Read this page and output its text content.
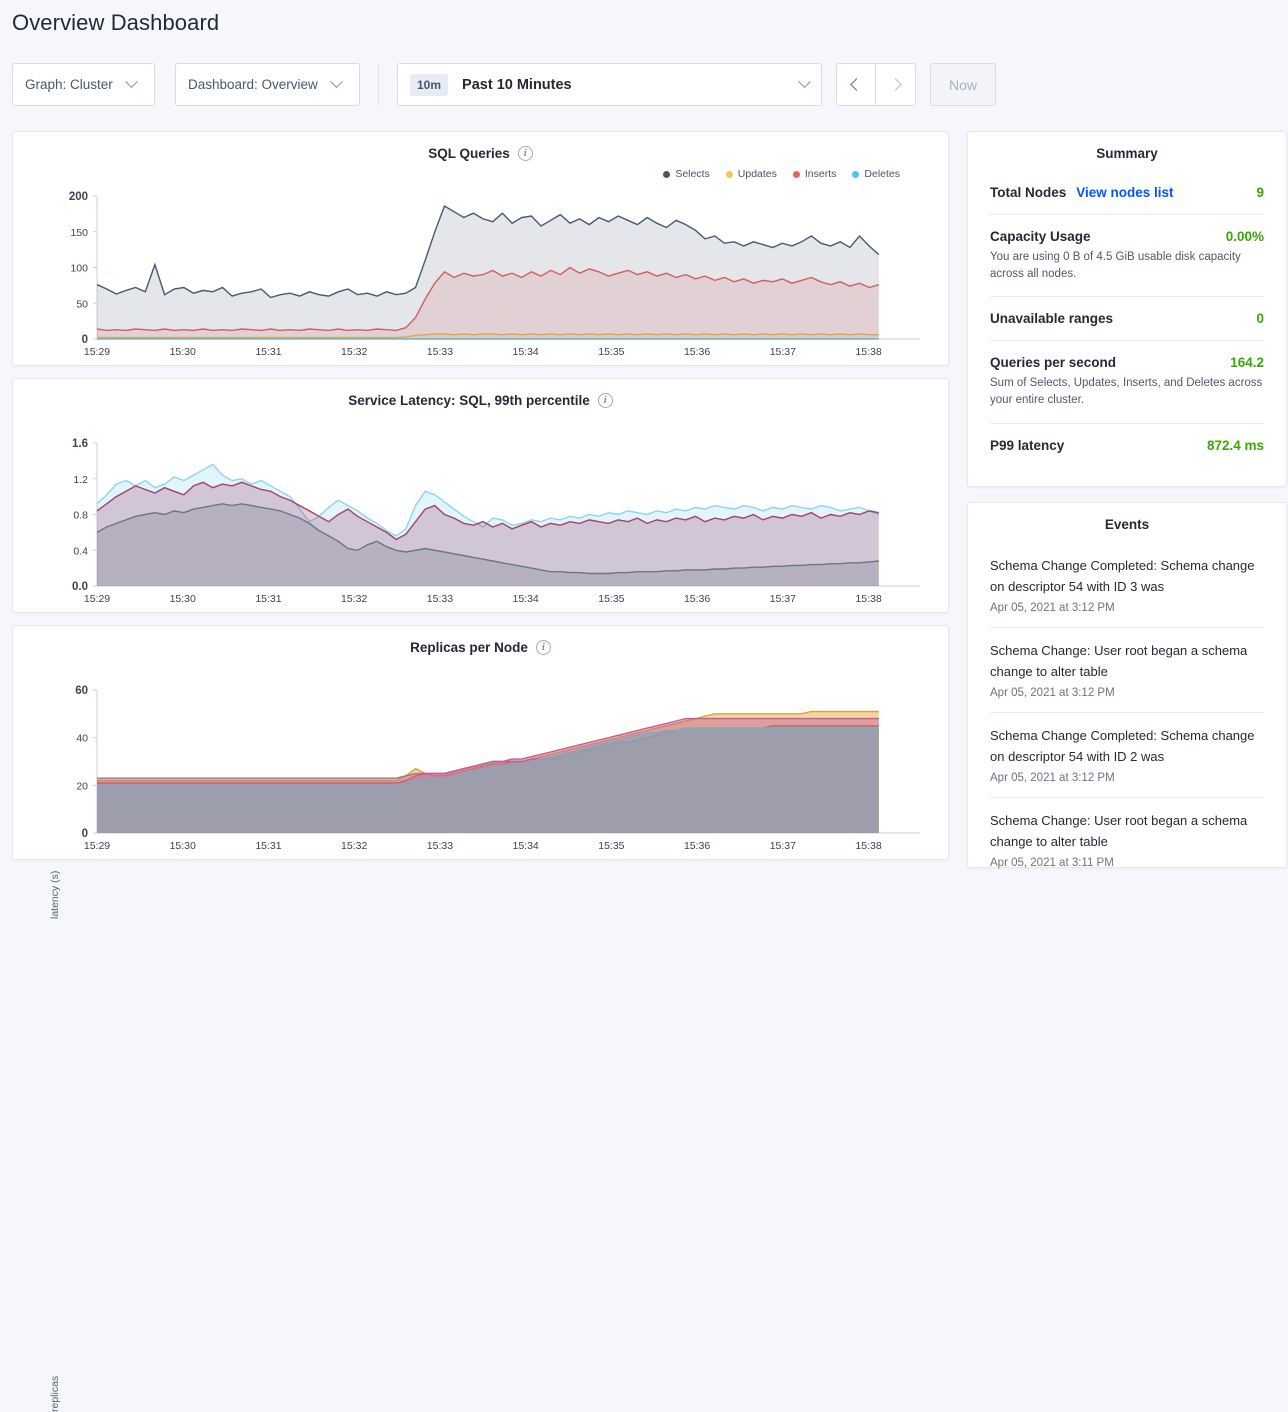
Overview Dashboard
Graph: Cluster	Dashboard: Overview	10m	Past 10 Minutes	Now
SQL Queries	i
Selects	Updates	Inserts	Deletes
200
150
100
50
0
15:29	15:30	15:31	15:32	15:33	15:34	15:35	15:36	15:37	15:38
Service Latency: SQL, 99th percentile	i
latency (s)
1.6
1.2
0.8
0.4
0.0
15:29	15:30	15:31	15:32	15:33	15:34	15:35	15:36	15:37	15:38
Replicas per Node	i
replicas
60
40
20
0
15:29	15:30	15:31	15:32	15:33	15:34	15:35	15:36	15:37	15:38
Summary
Total Nodes View nodes list	9
Capacity Usage	0.00%
You are using 0 B of 4.5 GiB usable disk capacity across all nodes.
Unavailable ranges	0
Queries per second	164.2
Sum of Selects, Updates, Inserts, and Deletes across your entire cluster.
P99 latency	872.4 ms
Events
Schema Change Completed: Schema change on descriptor 54 with ID 3 was
Apr 05, 2021 at 3:12 PM
Schema Change: User root began a schema change to alter table
Apr 05, 2021 at 3:12 PM
Schema Change Completed: Schema change on descriptor 54 with ID 2 was
Apr 05, 2021 at 3:12 PM
Schema Change: User root began a schema change to alter table
Apr 05, 2021 at 3:11 PM
